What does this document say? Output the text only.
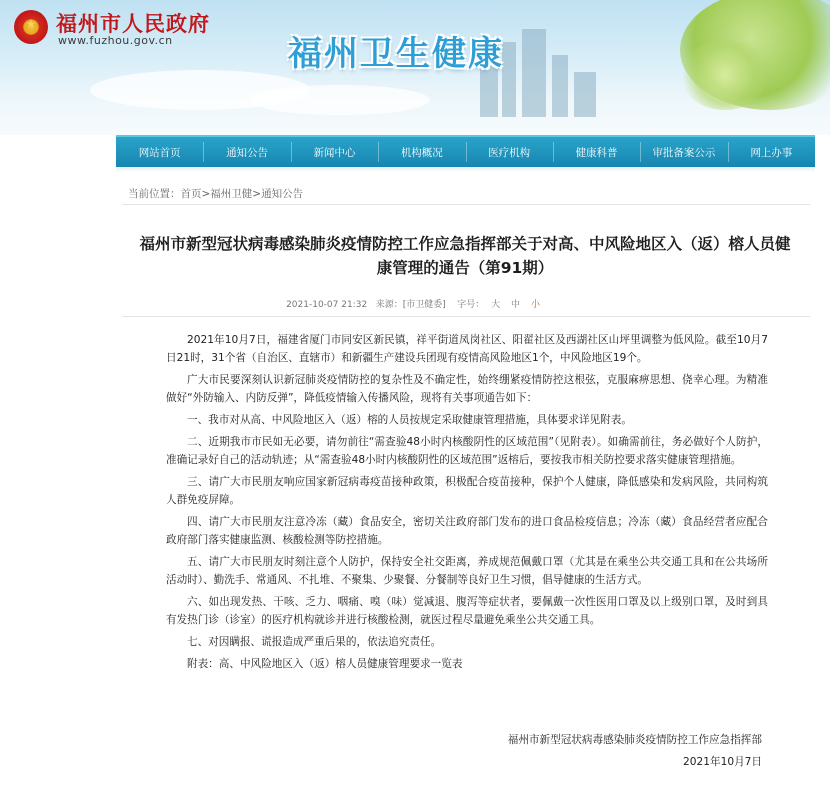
福州市人民政府
www.fuzhou.gov.cn	福州卫生健康
网站首页	通知公告	新闻中心	机构概况	医疗机构	健康科普	审批备案公示	网上办事
当前位置：首页>福州卫健>通知公告
福州市新型冠状病毒感染肺炎疫情防控工作应急指挥部关于对高、中风险地区入（返）榕人员健康管理的通告（第91期）
2021-10-07 21:32 来源：[市卫健委] 字号： 大 中 小

2021年10月7日，福建省厦门市同安区新民镇，祥平街道凤岗社区、阳翟社区及西湖社区山坪里调整为低风险。截至10月7日21时，31个省（自治区、直辖市）和新疆生产建设兵团现有疫情高风险地区1个，中风险地区19个。

广大市民要深刻认识新冠肺炎疫情防控的复杂性及不确定性，始终绷紧疫情防控这根弦，克服麻痹思想、侥幸心理。为精准做好“外防输入、内防反弹”，降低疫情输入传播风险，现将有关事项通告如下：

一、我市对从高、中风险地区入（返）榕的人员按规定采取健康管理措施，具体要求详见附表。

二、近期我市市民如无必要，请勿前往“需查验48小时内核酸阴性的区域范围”（见附表）。如确需前往，务必做好个人防护，准确记录好自己的活动轨迹；从“需查验48小时内核酸阴性的区域范围”返榕后，要按我市相关防控要求落实健康管理措施。

三、请广大市民朋友响应国家新冠病毒疫苗接种政策，积极配合疫苗接种，保护个人健康，降低感染和发病风险，共同构筑人群免疫屏障。

四、请广大市民朋友注意冷冻（藏）食品安全，密切关注政府部门发布的进口食品检疫信息；冷冻（藏）食品经营者应配合政府部门落实健康监测、核酸检测等防控措施。

五、请广大市民朋友时刻注意个人防护，保持安全社交距离，养成规范佩戴口罩（尤其是在乘坐公共交通工具和在公共场所活动时）、勤洗手、常通风、不扎堆、不聚集、少聚餐、分餐制等良好卫生习惯，倡导健康的生活方式。

六、如出现发热、干咳、乏力、咽痛、嗅（味）觉减退、腹泻等症状者，要佩戴一次性医用口罩及以上级别口罩，及时到具有发热门诊（诊室）的医疗机构就诊并进行核酸检测，就医过程尽量避免乘坐公共交通工具。

七、对因瞒报、谎报造成严重后果的，依法追究责任。

附表：高、中风险地区入（返）榕人员健康管理要求一览表

福州市新型冠状病毒感染肺炎疫情防控工作应急指挥部
2021年10月7日
